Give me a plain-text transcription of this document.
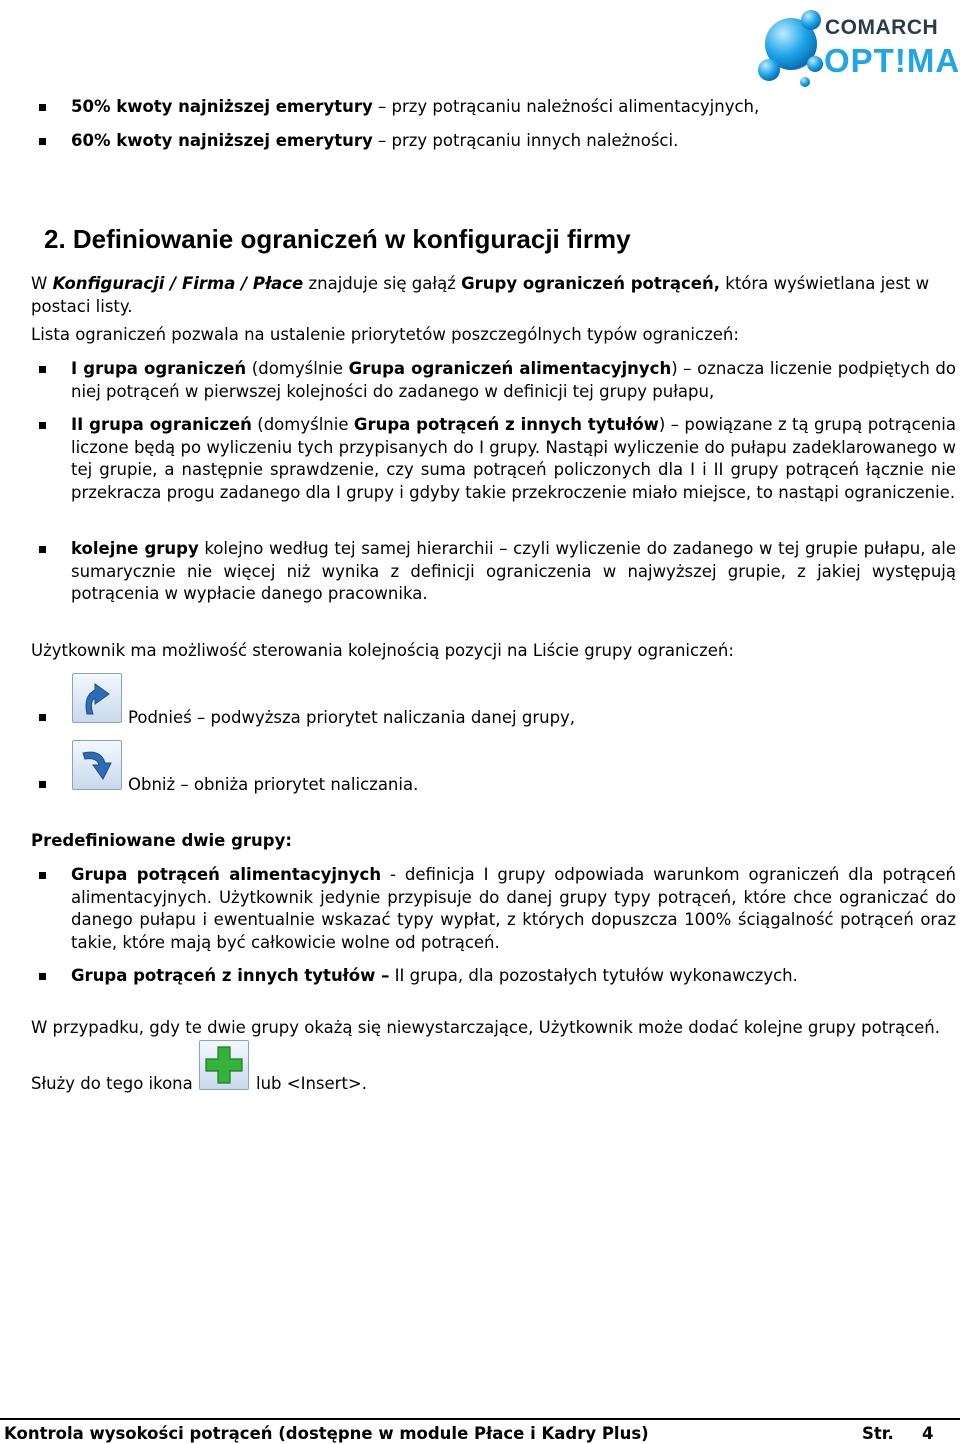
COMARCH
OPT!MA
50% kwoty najniższej emerytury – przy potrącaniu należności alimentacyjnych,
60% kwoty najniższej emerytury – przy potrącaniu innych należności.
2. Definiowanie ograniczeń w konfiguracji firmy
W Konfiguracji / Firma / Płace znajduje się gałąź Grupy ograniczeń potrąceń, która wyświetlana jest w postaci listy.
Lista ograniczeń pozwala na ustalenie priorytetów poszczególnych typów ograniczeń:
I grupa ograniczeń (domyślnie Grupa ograniczeń alimentacyjnych) – oznacza liczenie podpiętych do niej potrąceń w pierwszej kolejności do zadanego w definicji tej grupy pułapu,
II grupa ograniczeń (domyślnie Grupa potrąceń z innych tytułów) – powiązane z tą grupą potrącenia liczone będą po wyliczeniu tych przypisanych do I grupy. Nastąpi wyliczenie do pułapu zadeklarowanego w tej grupie, a następnie sprawdzenie, czy suma potrąceń policzonych dla I i II grupy potrąceń łącznie nie przekracza progu zadanego dla I grupy i gdyby takie przekroczenie miało miejsce, to nastąpi ograniczenie.
kolejne grupy kolejno według tej samej hierarchii – czyli wyliczenie do zadanego w tej grupie pułapu, ale sumarycznie nie więcej niż wynika z definicji ograniczenia w najwyższej grupie, z jakiej występują potrącenia w wypłacie danego pracownika.
Użytkownik ma możliwość sterowania kolejnością pozycji na Liście grupy ograniczeń:
Podnieś – podwyższa priorytet naliczania danej grupy,
Obniż – obniża priorytet naliczania.
Predefiniowane dwie grupy:
Grupa potrąceń alimentacyjnych - definicja I grupy odpowiada warunkom ograniczeń dla potrąceń alimentacyjnych. Użytkownik jedynie przypisuje do danej grupy typy potrąceń, które chce ograniczać do danego pułapu i ewentualnie wskazać typy wypłat, z których dopuszcza 100% ściągalność potrąceń oraz takie, które mają być całkowicie wolne od potrąceń.
Grupa potrąceń z innych tytułów – II grupa, dla pozostałych tytułów wykonawczych.
W przypadku, gdy te dwie grupy okażą się niewystarczające, Użytkownik może dodać kolejne grupy potrąceń.
Służy do tego ikona	lub <Insert>.
Kontrola wysokości potrąceń (dostępne w module Płace i Kadry Plus)	Str. 4
